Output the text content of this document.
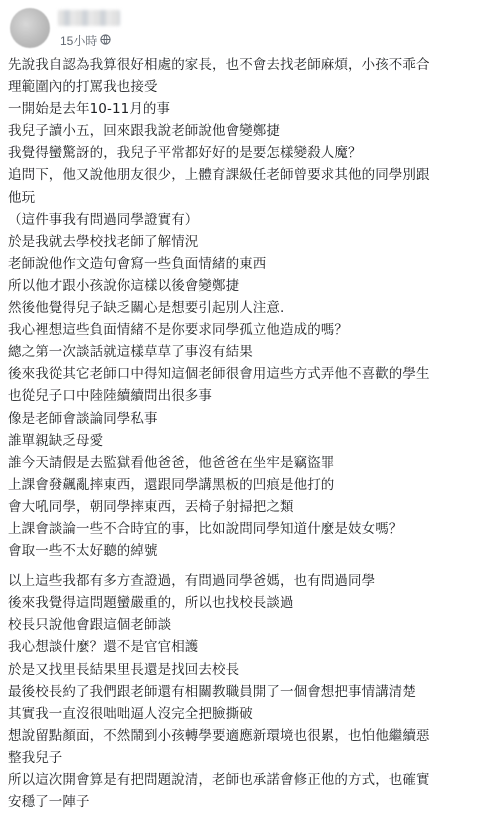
15小時
先說我自認為我算很好相處的家長，也不會去找老師麻煩，小孩不乖合
理範圍內的打罵我也接受
一開始是去年10-11月的事
我兒子讀小五，回來跟我說老師說他會變鄭捷
我覺得蠻驚訝的，我兒子平常都好好的是要怎樣變殺人魔？
追問下，他又說他朋友很少，上體育課級任老師曾要求其他的同學別跟
他玩
（這件事我有問過同學證實有）
於是我就去學校找老師了解情況
老師說他作文造句會寫一些負面情緒的東西
所以他才跟小孩說你這樣以後會變鄭捷
然後他覺得兒子缺乏關心是想要引起別人注意.
我心裡想這些負面情緒不是你要求同學孤立他造成的嗎？
總之第一次談話就這樣草草了事沒有結果
後來我從其它老師口中得知這個老師很會用這些方式弄他不喜歡的學生
也從兒子口中陸陸續續問出很多事
像是老師會談論同學私事
誰單親缺乏母愛
誰今天請假是去監獄看他爸爸，他爸爸在坐牢是竊盜罪
上課會發飆亂摔東西，還跟同學講黑板的凹痕是他打的
會大吼同學，朝同學摔東西，丟椅子射掃把之類
上課會談論一些不合時宜的事，比如說問同學知道什麼是妓女嗎？
會取一些不太好聽的綽號
以上這些我都有多方查證過，有問過同學爸媽，也有問過同學
後來我覺得這問題蠻嚴重的，所以也找校長談過
校長只說他會跟這個老師談
我心想談什麼？還不是官官相護
於是又找里長結果里長還是找回去校長
最後校長約了我們跟老師還有相關教職員開了一個會想把事情講清楚
其實我一直沒很咄咄逼人沒完全把臉撕破
想說留點顏面，不然鬧到小孩轉學要適應新環境也很累，也怕他繼續惡
整我兒子
所以這次開會算是有把問題說清，老師也承諾會修正他的方式，也確實
安穩了一陣子
